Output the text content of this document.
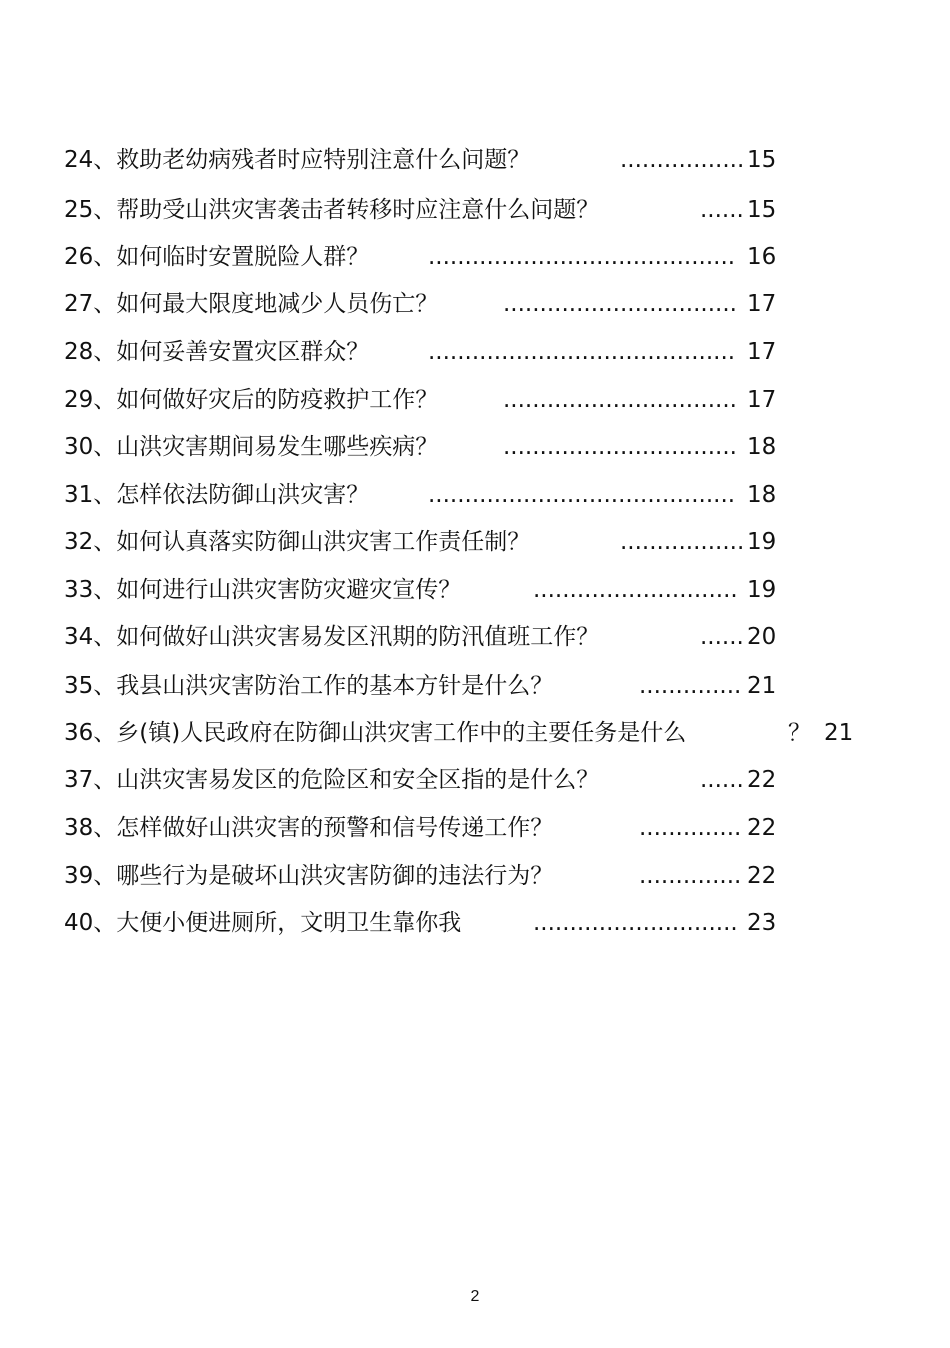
24、救助老幼病残者时应特别注意什么问题？	................. 15
25、帮助受山洪灾害袭击者转移时应注意什么问题？	...... 15
26、如何临时安置脱险人群？	.......................................... 16
27、如何最大限度地减少人员伤亡？	................................ 17
28、如何妥善安置灾区群众？	.......................................... 17
29、如何做好灾后的防疫救护工作？	................................ 17
30、山洪灾害期间易发生哪些疾病？	................................ 18
31、怎样依法防御山洪灾害？	.......................................... 18
32、如何认真落实防御山洪灾害工作责任制？	................. 19
33、如何进行山洪灾害防灾避灾宣传？	............................ 19
34、如何做好山洪灾害易发区汛期的防汛值班工作？	...... 20
35、我县山洪灾害防治工作的基本方针是什么？	.............. 21
36、乡(镇)人民政府在防御山洪灾害工作中的主要任务是什么	？ 21
37、山洪灾害易发区的危险区和安全区指的是什么？	...... 22
38、怎样做好山洪灾害的预警和信号传递工作？	.............. 22
39、哪些行为是破坏山洪灾害防御的违法行为？	.............. 22
40、大便小便进厕所，文明卫生靠你我	............................ 23
2
